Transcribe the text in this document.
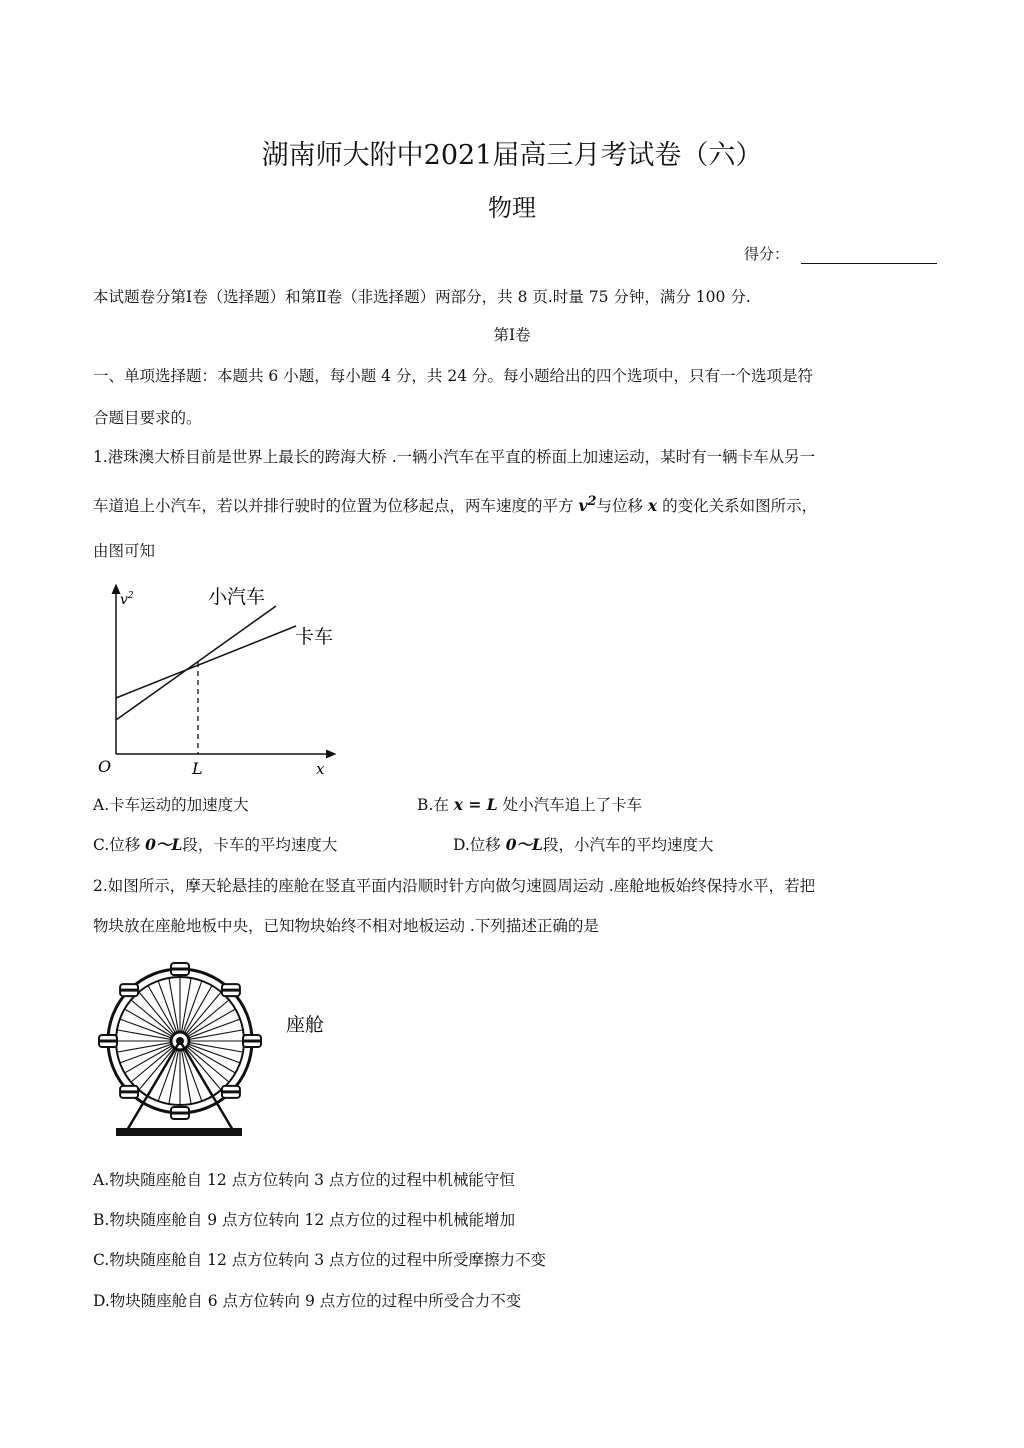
湖南师大附中2021届高三月考试卷（六）
物理
得分：
本试题卷分第Ⅰ卷（选择题）和第Ⅱ卷（非选择题）两部分，共 8 页.时量 75 分钟，满分 100 分.
第Ⅰ卷
一、单项选择题：本题共 6 小题，每小题 4 分，共 24 分。每小题给出的四个选项中，只有一个选项是符
合题目要求的。
1.港珠澳大桥目前是世界上最长的跨海大桥 .一辆小汽车在平直的桥面上加速运动，某时有一辆卡车从另一
车道追上小汽车，若以并排行驶时的位置为位移起点，两车速度的平方 $v^2$与位移 x 的变化关系如图所示，
由图可知
$v^2$
O	L	x
小汽车
卡车
A.卡车运动的加速度大	B.在 x = L 处小汽车追上了卡车
C.位移 0～L段，卡车的平均速度大	D.位移 0～L段，小汽车的平均速度大
2.如图所示，摩天轮悬挂的座舱在竖直平面内沿顺时针方向做匀速圆周运动 .座舱地板始终保持水平，若把
物块放在座舱地板中央，已知物块始终不相对地板运动 .下列描述正确的是
座舱
A.物块随座舱自 12 点方位转向 3 点方位的过程中机械能守恒
B.物块随座舱自 9 点方位转向 12 点方位的过程中机械能增加
C.物块随座舱自 12 点方位转向 3 点方位的过程中所受摩擦力不变
D.物块随座舱自 6 点方位转向 9 点方位的过程中所受合力不变
